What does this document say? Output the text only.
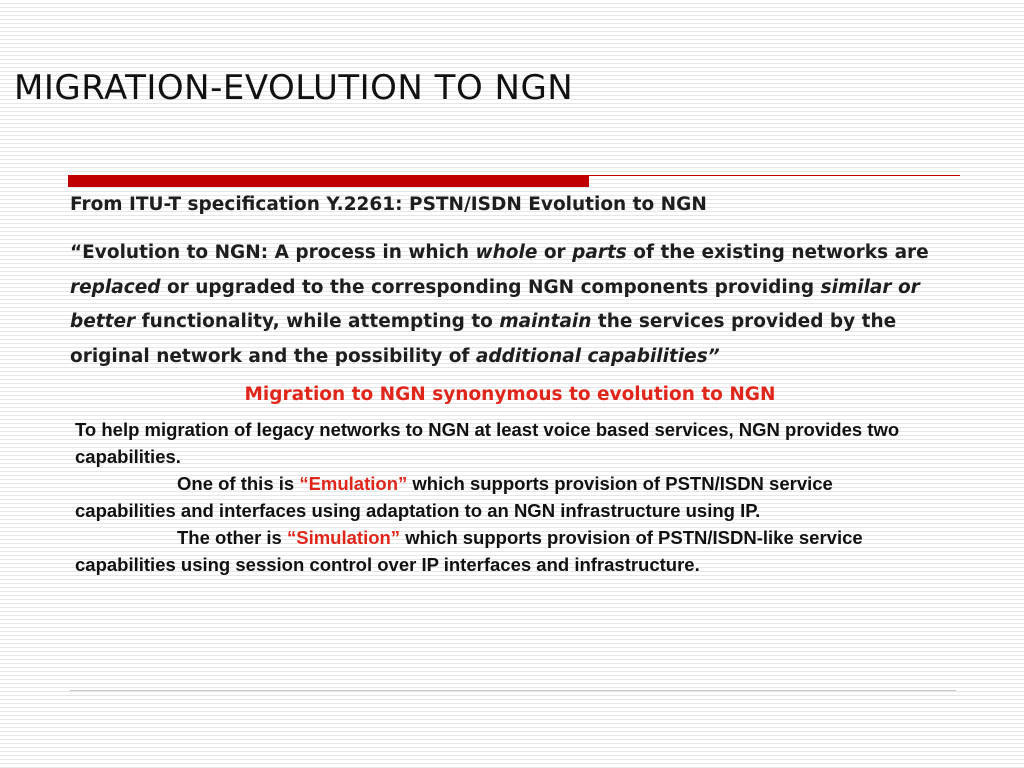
MIGRATION-EVOLUTION TO NGN

From ITU-T specification Y.2261: PSTN/ISDN Evolution to NGN

“Evolution to NGN: A process in which whole or parts of the existing networks are replaced or upgraded to the corresponding NGN components providing similar or better functionality, while attempting to maintain the services provided by the original network and the possibility of additional capabilities”

Migration to NGN synonymous to evolution to NGN

To help migration of legacy networks to NGN at least voice based services, NGN provides two capabilities.
One of this is “Emulation” which supports provision of PSTN/ISDN service capabilities and interfaces using adaptation to an NGN infrastructure using IP.
The other is “Simulation” which supports provision of PSTN/ISDN-like service capabilities using session control over IP interfaces and infrastructure.
